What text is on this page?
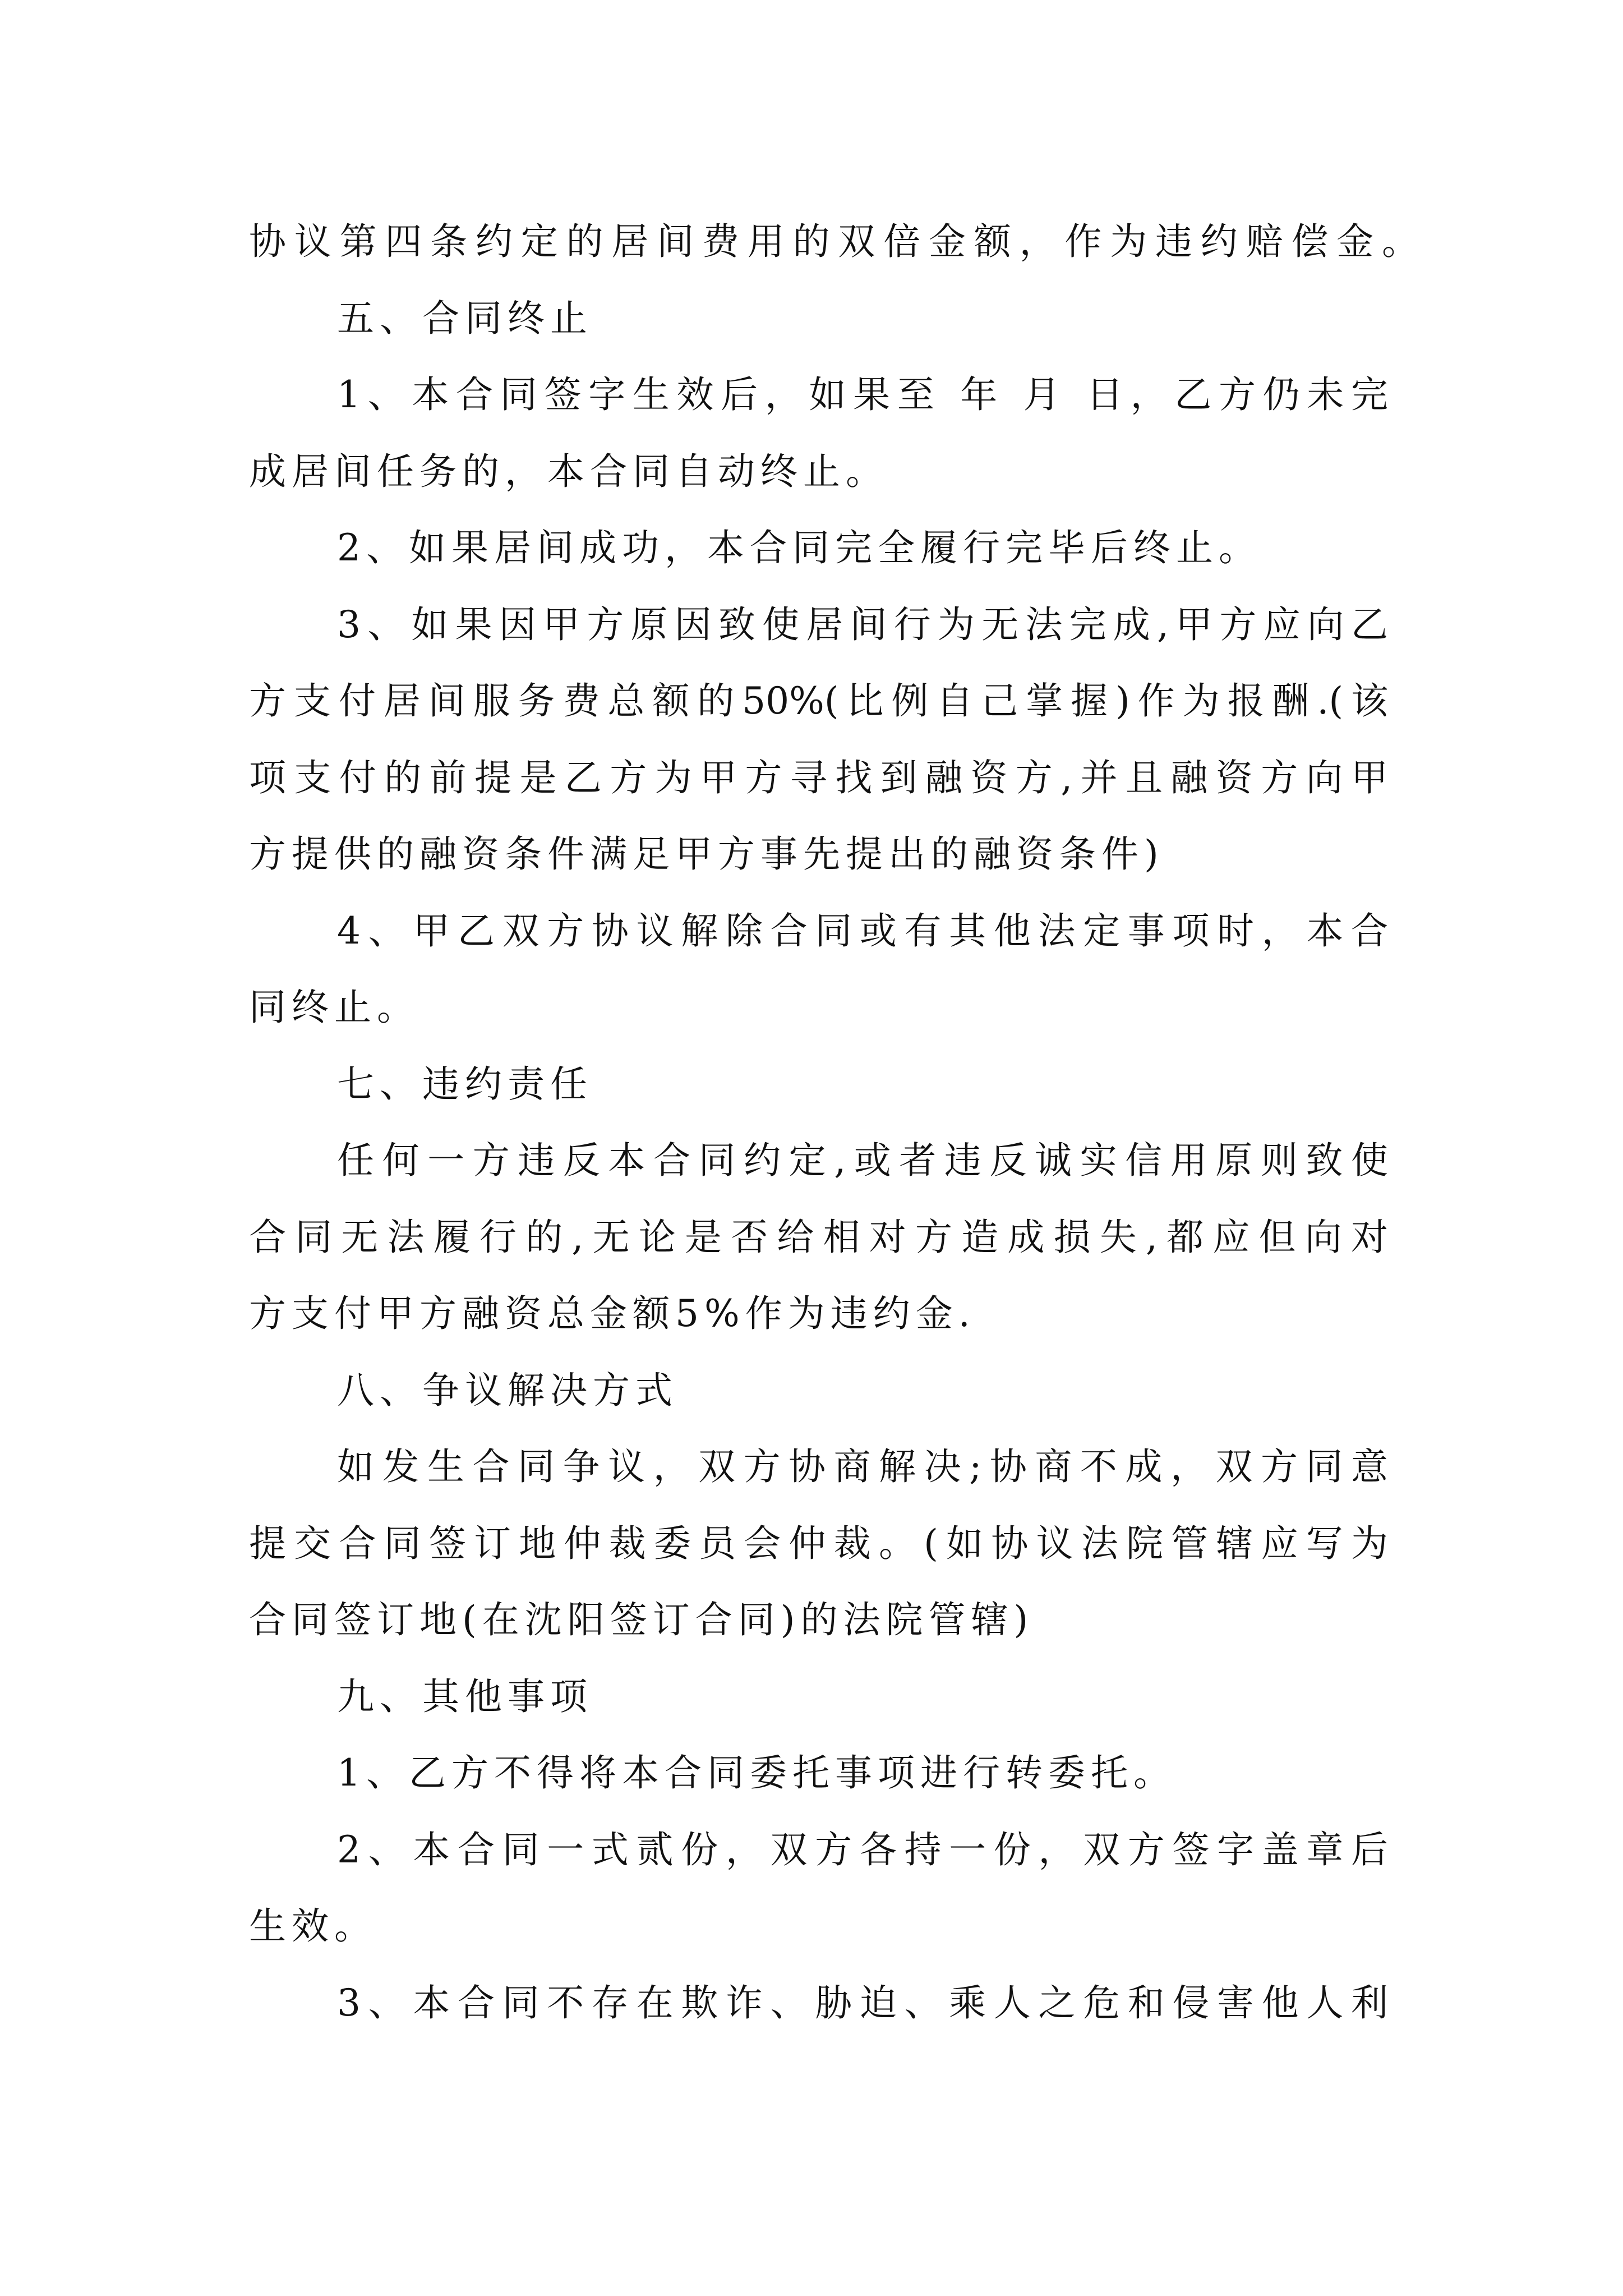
协议第四条约定的居间费用的双倍金额，作为违约赔偿金。
五、合同终止
1、本合同签字生效后，如果至 年 月 日，乙方仍未完
成居间任务的，本合同自动终止。
2、如果居间成功，本合同完全履行完毕后终止。
3、如果因甲方原因致使居间行为无法完成,甲方应向乙
方支付居间服务费总额的50%(比例自己掌握)作为报酬.(该
项支付的前提是乙方为甲方寻找到融资方,并且融资方向甲
方提供的融资条件满足甲方事先提出的融资条件)
4、甲乙双方协议解除合同或有其他法定事项时，本合
同终止。
七、违约责任
任何一方违反本合同约定,或者违反诚实信用原则致使
合同无法履行的,无论是否给相对方造成损失,都应但向对
方支付甲方融资总金额5%作为违约金.
八、争议解决方式
如发生合同争议，双方协商解决;协商不成，双方同意
提交合同签订地仲裁委员会仲裁。(如协议法院管辖应写为
合同签订地(在沈阳签订合同)的法院管辖)
九、其他事项
1、乙方不得将本合同委托事项进行转委托。
2、本合同一式贰份，双方各持一份，双方签字盖章后
生效。
3、本合同不存在欺诈、胁迫、乘人之危和侵害他人利
